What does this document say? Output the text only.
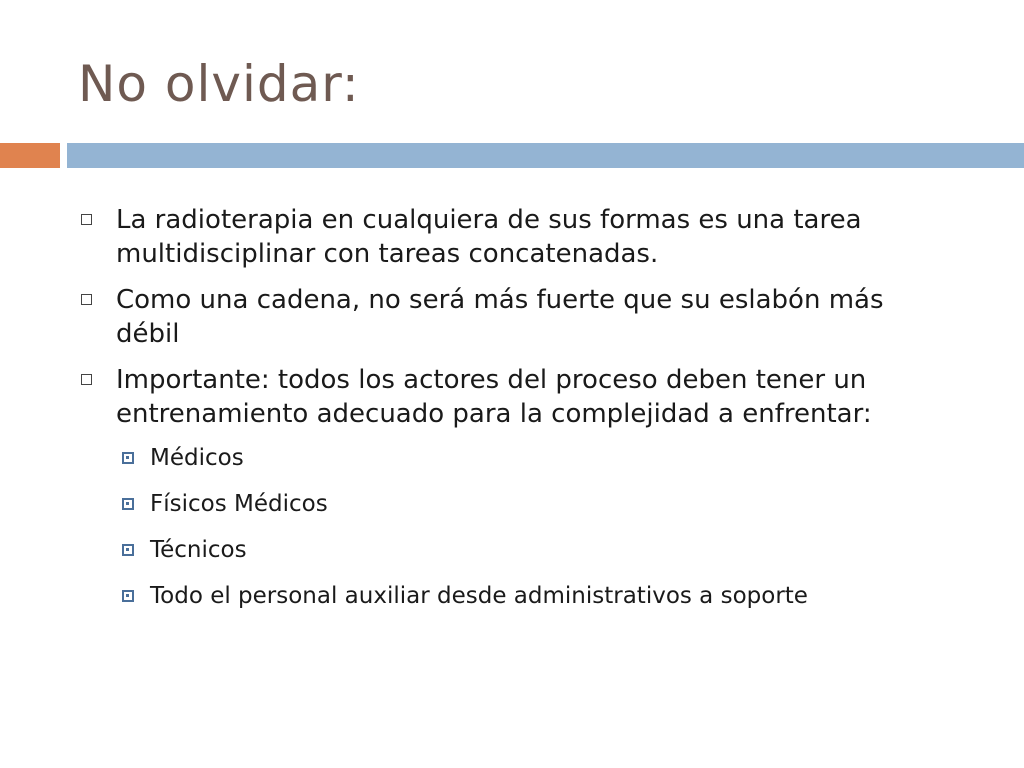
No olvidar:
La radioterapia en cualquiera de sus formas es una tarea multidisciplinar con tareas concatenadas.
Como una cadena, no será más fuerte que su eslabón más débil
Importante: todos los actores del proceso deben tener un entrenamiento adecuado para la complejidad a enfrentar:
Médicos
Físicos Médicos
Técnicos
Todo el personal auxiliar desde administrativos a soporte
